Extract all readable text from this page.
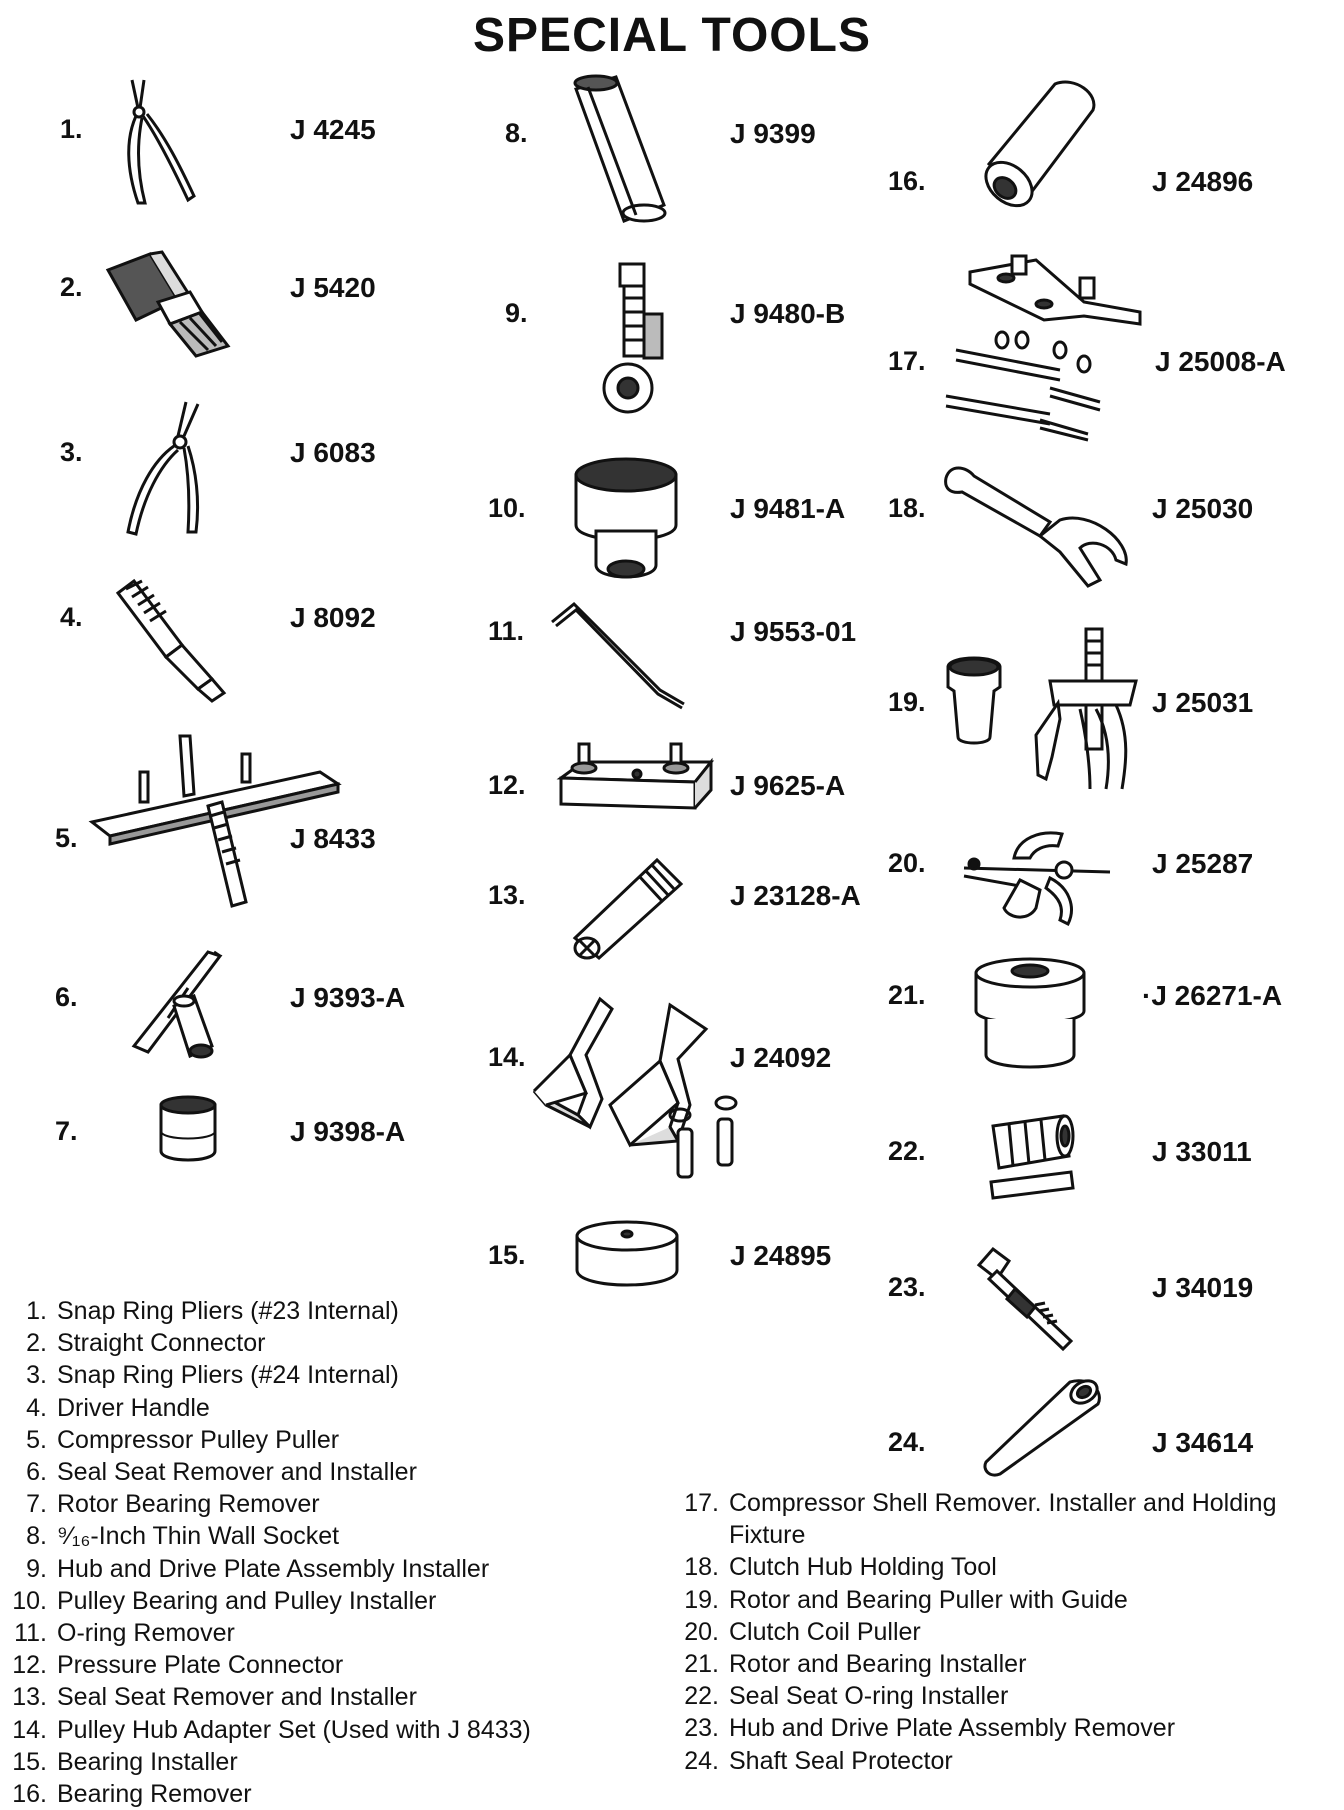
SPECIAL TOOLS
1.	J 4245
2.	J 5420
3.	J 6083
4.	J 8092
5.	J 8433
6.	J 9393-A
7.	J 9398-A
8.	J 9399
9.	J 9480-B
10.	J 9481-A
11.	J 9553-01
12.	J 9625-A
13.	J 23128-A
14.	J 24092
15.	J 24895
16.	J 24896
17.	J 25008-A
18.	J 25030
19.	J 25031
20.	J 25287
21.	·J 26271-A
22.	J 33011
23.	J 34019
24.	J 34614
1. Snap Ring Pliers (#23 Internal)
2. Straight Connector
3. Snap Ring Pliers (#24 Internal)
4. Driver Handle
5. Compressor Pulley Puller
6. Seal Seat Remover and Installer
7. Rotor Bearing Remover
8. ⁹⁄₁₆-Inch Thin Wall Socket
9. Hub and Drive Plate Assembly Installer
10. Pulley Bearing and Pulley Installer
11. O-ring Remover
12. Pressure Plate Connector
13. Seal Seat Remover and Installer
14. Pulley Hub Adapter Set (Used with J 8433)
15. Bearing Installer
16. Bearing Remover
17. Compressor Shell Remover. Installer and Holding Fixture
18. Clutch Hub Holding Tool
19. Rotor and Bearing Puller with Guide
20. Clutch Coil Puller
21. Rotor and Bearing Installer
22. Seal Seat O-ring Installer
23. Hub and Drive Plate Assembly Remover
24. Shaft Seal Protector
